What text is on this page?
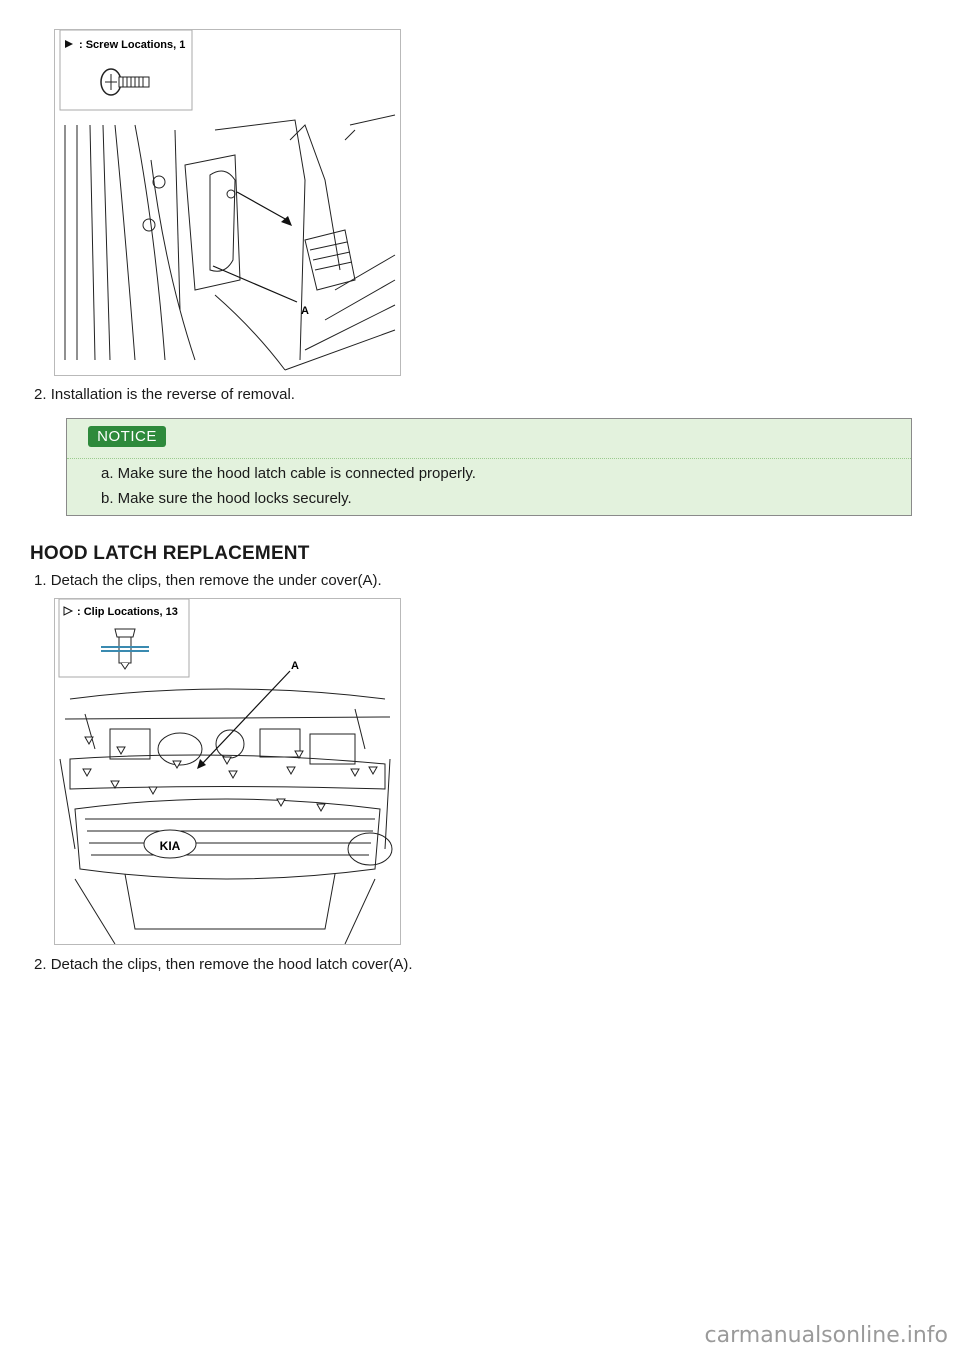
: Screw Locations, 1
A
2. Installation is the reverse of removal.
NOTICE
a. Make sure the hood latch cable is connected properly.
b. Make sure the hood locks securely.
HOOD LATCH REPLACEMENT
1. Detach the clips, then remove the under cover(A).
: Clip Locations, 13
KIA
A
2. Detach the clips, then remove the hood latch cover(A).
carmanualsonline.info
